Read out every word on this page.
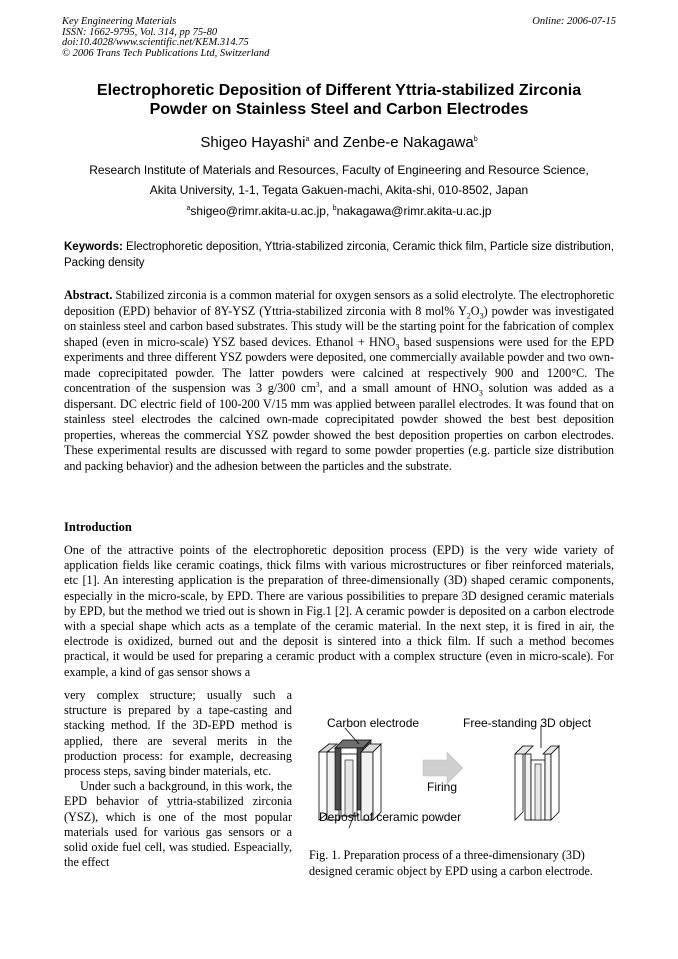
Key Engineering Materials
ISSN: 1662-9795, Vol. 314, pp 75-80
doi:10.4028/www.scientific.net/KEM.314.75
© 2006 Trans Tech Publications Ltd, Switzerland
Online: 2006-07-15
Electrophoretic Deposition of Different Yttria-stabilized Zirconia
Powder on Stainless Steel and Carbon Electrodes
Shigeo Hayashi$^a$ and Zenbe-e Nakagawa$^b$
Research Institute of Materials and Resources, Faculty of Engineering and Resource Science,
Akita University, 1-1, Tegata Gakuen-machi, Akita-shi, 010-8502, Japan
$^a$shigeo@rimr.akita-u.ac.jp, $^b$nakagawa@rimr.akita-u.ac.jp
Keywords: Electrophoretic deposition, Yttria-stabilized zirconia, Ceramic thick film, Particle size distribution, Packing density
Abstract. Stabilized zirconia is a common material for oxygen sensors as a solid electrolyte. The electrophoretic deposition (EPD) behavior of 8Y-YSZ (Yttria-stabilized zirconia with 8 mol% $Y_2O_3$) powder was investigated on stainless steel and carbon based substrates. This study will be the starting point for the fabrication of complex shaped (even in micro-scale) YSZ based devices. Ethanol + $HNO_3$ based suspensions were used for the EPD experiments and three different YSZ powders were deposited, one commercially available powder and two own-made coprecipitated powder. The latter powders were calcined at respectively 900 and 1200°C. The concentration of the suspension was 3 g/300 $cm^3$, and a small amount of $HNO_3$ solution was added as a dispersant. DC electric field of 100-200 V/15 mm was applied between parallel electrodes. It was found that on stainless steel electrodes the calcined own-made coprecipitated powder showed the best best deposition properties, whereas the commercial YSZ powder showed the best deposition properties on carbon electrodes. These experimental results are discussed with regard to some powder properties (e.g. particle size distribution and packing behavior) and the adhesion between the particles and the substrate.
Introduction
One of the attractive points of the electrophoretic deposition process (EPD) is the very wide variety of application fields like ceramic coatings, thick films with various microstructures or fiber reinforced materials, etc [1]. An interesting application is the preparation of three-dimensionally (3D) shaped ceramic components, especially in the micro-scale, by EPD. There are various possibilities to prepare 3D designed ceramic materials by EPD, but the method we tried out is shown in Fig.1 [2]. A ceramic powder is deposited on a carbon electrode with a special shape which acts as a template of the ceramic material. In the next step, it is fired in air, the electrode is oxidized, burned out and the deposit is sintered into a thick film. If such a method becomes practical, it would be used for preparing a ceramic product with a complex structure (even in micro-scale). For example, a kind of gas sensor shows a

very complex structure; usually such a structure is prepared by a tape-casting and stacking method. If the 3D-EPD method is applied, there are several merits in the production process: for example, decreasing process steps, saving binder materials, etc.

Under such a background, in this work, the EPD behavior of yttria-stabilized zirconia (YSZ), which is one of the most popular materials used for various gas sensors or a solid oxide fuel cell, was studied. Espeacially, the effect

Carbon electrode	Free-standing 3D object
Firing
Deposit of ceramic powder
Fig. 1. Preparation process of a three-dimensionary (3D) designed ceramic object by EPD using a carbon electrode.
